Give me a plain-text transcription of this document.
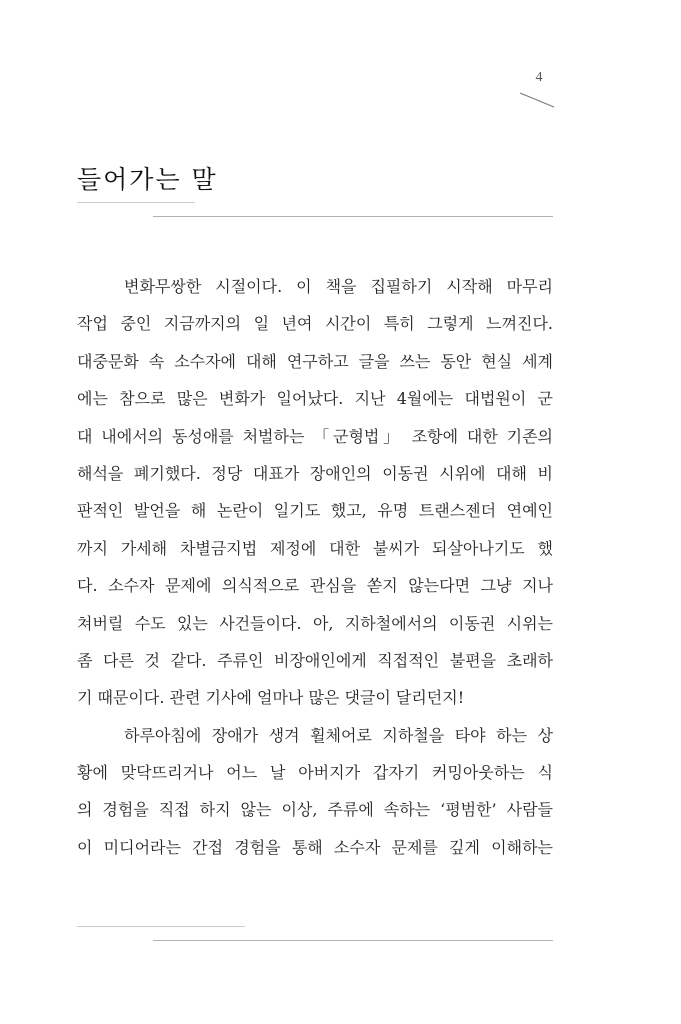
4
들어가는 말
변화무쌍한 시절이다. 이 책을 집필하기 시작해 마무리
작업 중인 지금까지의 일 년여 시간이 특히 그렇게 느껴진다.
대중문화 속 소수자에 대해 연구하고 글을 쓰는 동안 현실 세계
에는 참으로 많은 변화가 일어났다. 지난 4월에는 대법원이 군
대 내에서의 동성애를 처벌하는 「군형법」 조항에 대한 기존의
해석을 폐기했다. 정당 대표가 장애인의 이동권 시위에 대해 비
판적인 발언을 해 논란이 일기도 했고, 유명 트랜스젠더 연예인
까지 가세해 차별금지법 제정에 대한 불씨가 되살아나기도 했
다. 소수자 문제에 의식적으로 관심을 쏟지 않는다면 그냥 지나
쳐버릴 수도 있는 사건들이다. 아, 지하철에서의 이동권 시위는
좀 다른 것 같다. 주류인 비장애인에게 직접적인 불편을 초래하
기 때문이다. 관련 기사에 얼마나 많은 댓글이 달리던지!
하루아침에 장애가 생겨 휠체어로 지하철을 타야 하는 상
황에 맞닥뜨리거나 어느 날 아버지가 갑자기 커밍아웃하는 식
의 경험을 직접 하지 않는 이상, 주류에 속하는 ‘평범한’ 사람들
이 미디어라는 간접 경험을 통해 소수자 문제를 깊게 이해하는
